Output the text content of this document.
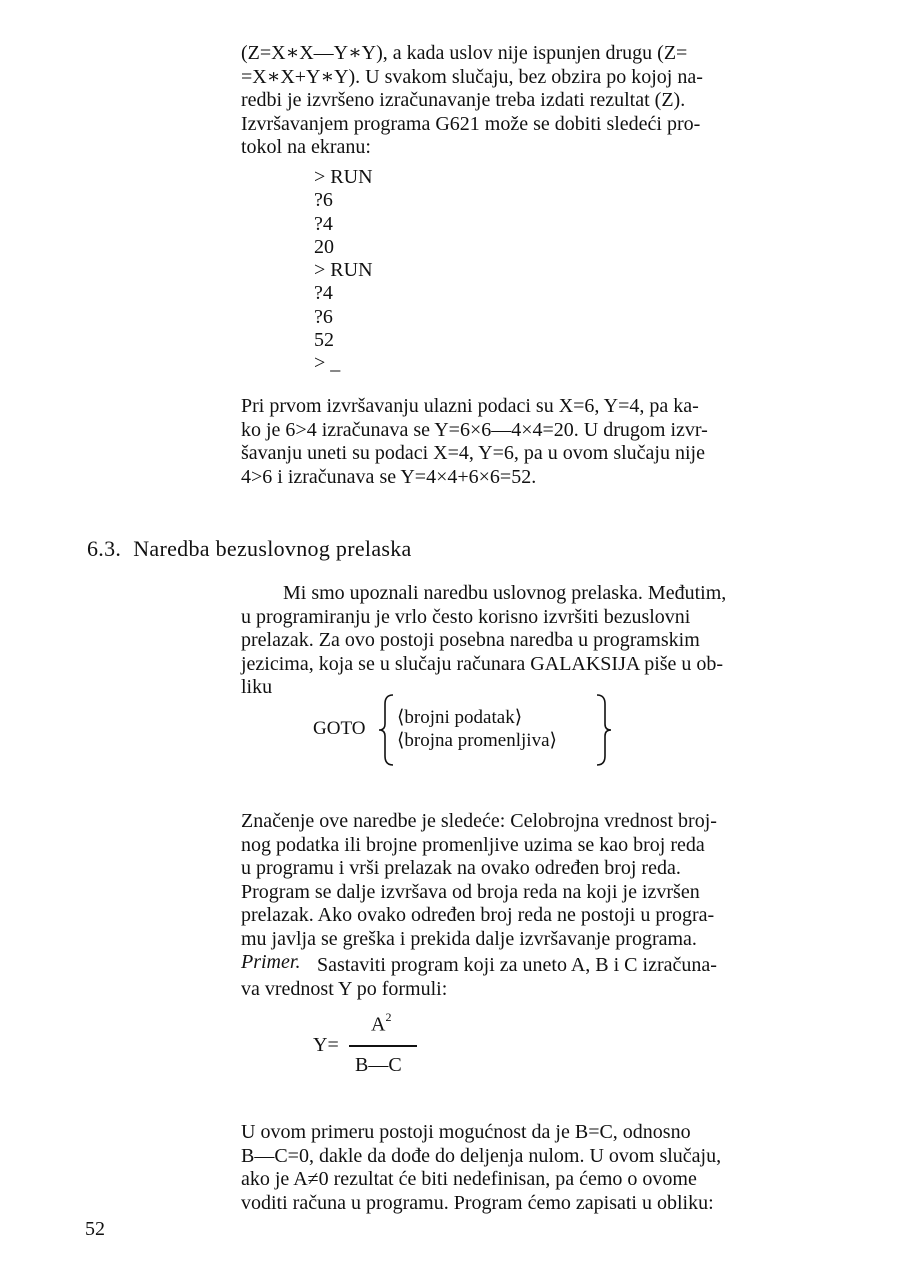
(Z=X∗X—Y∗Y), a kada uslov nije ispunjen drugu (Z=

=X∗X+Y∗Y). U svakom slučaju, bez obzira po kojoj na-

redbi je izvršeno izračunavanje treba izdati rezultat (Z).

Izvršavanjem programa G621 može se dobiti sledeći pro-

tokol na ekranu:

> RUN
?6
?4
20
> RUN
?4
?6
52
> _

Pri prvom izvršavanju ulazni podaci su X=6, Y=4, pa ka-

ko je 6>4 izračunava se Y=6×6—4×4=20. U drugom izvr-

šavanju uneti su podaci X=4, Y=6, pa u ovom slučaju nije

4>6 i izračunava se Y=4×4+6×6=52.

6.3. Naredba bezuslovnog prelaska

Mi smo upoznali naredbu uslovnog prelaska. Međutim,

u programiranju je vrlo često korisno izvršiti bezuslovni

prelazak. Za ovo postoji posebna naredba u programskim

jezicima, koja se u slučaju računara GALAKSIJA piše u ob-

liku

GOTO
⟨brojni podatak⟩
⟨brojna promenljiva⟩

Značenje ove naredbe je sledeće: Celobrojna vrednost broj-

nog podatka ili brojne promenljive uzima se kao broj reda

u programu i vrši prelazak na ovako određen broj reda.

Program se dalje izvršava od broja reda na koji je izvršen

prelazak. Ako ovako određen broj reda ne postoji u progra-

mu javlja se greška i prekida dalje izvršavanje programa.

Primer. Sastaviti program koji za uneto A, B i C izračuna-

va vrednost Y po formuli:

Y=
$A^2$
B—C

U ovom primeru postoji mogućnost da je B=C, odnosno

B—C=0, dakle da dođe do deljenja nulom. U ovom slučaju,

ako je A≠0 rezultat će biti nedefinisan, pa ćemo o ovome

voditi računa u programu. Program ćemo zapisati u obliku:

52
